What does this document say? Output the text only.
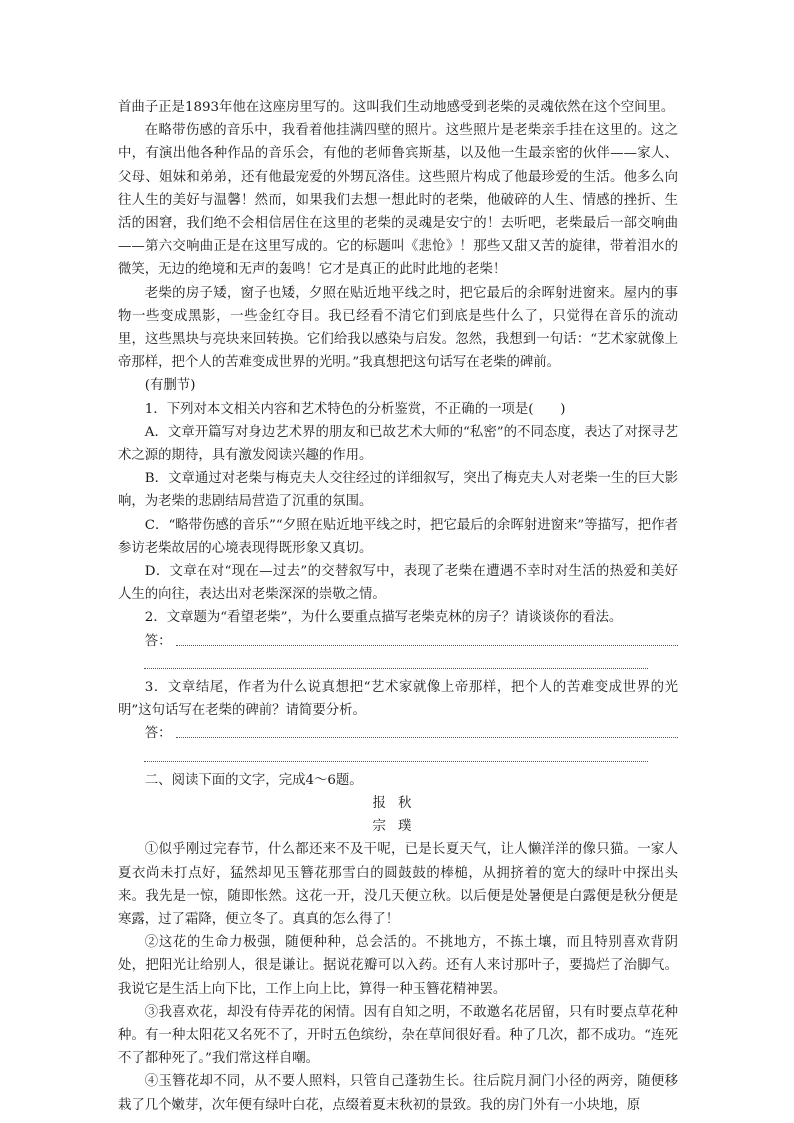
首曲子正是1893年他在这座房里写的。这叫我们生动地感受到老柴的灵魂依然在这个空间里。

在略带伤感的音乐中，我看着他挂满四壁的照片。这些照片是老柴亲手挂在这里的。这之中，有演出他各种作品的音乐会，有他的老师鲁宾斯基，以及他一生最亲密的伙伴——家人、父母、姐妹和弟弟，还有他最宠爱的外甥瓦洛佳。这些照片构成了他最珍爱的生活。他多么向往人生的美好与温馨！然而，如果我们去想一想此时的老柴，他破碎的人生、情感的挫折、生活的困窘，我们绝不会相信居住在这里的老柴的灵魂是安宁的！去听吧，老柴最后一部交响曲——第六交响曲正是在这里写成的。它的标题叫《悲怆》！那些又甜又苦的旋律，带着泪水的微笑，无边的绝境和无声的轰鸣！它才是真正的此时此地的老柴！

老柴的房子矮，窗子也矮，夕照在贴近地平线之时，把它最后的余晖射进窗来。屋内的事物一些变成黑影，一些金红夺目。我已经看不清它们到底是些什么了，只觉得在音乐的流动里，这些黑块与亮块来回转换。它们给我以感染与启发。忽然，我想到一句话：“艺术家就像上帝那样，把个人的苦难变成世界的光明。”我真想把这句话写在老柴的碑前。

(有删节)

1．下列对本文相关内容和艺术特色的分析鉴赏，不正确的一项是(　　)

A．文章开篇写对身边艺术界的朋友和已故艺术大师的“私密”的不同态度，表达了对探寻艺术之源的期待，具有激发阅读兴趣的作用。

B．文章通过对老柴与梅克夫人交往经过的详细叙写，突出了梅克夫人对老柴一生的巨大影响，为老柴的悲剧结局营造了沉重的氛围。

C．“略带伤感的音乐”“夕照在贴近地平线之时，把它最后的余晖射进窗来”等描写，把作者参访老柴故居的心境表现得既形象又真切。

D．文章在对“现在—过去”的交替叙写中，表现了老柴在遭遇不幸时对生活的热爱和美好人生的向往，表达出对老柴深深的崇敬之情。

2．文章题为“看望老柴”，为什么要重点描写老柴克林的房子？请谈谈你的看法。

答：

3．文章结尾，作者为什么说真想把“艺术家就像上帝那样，把个人的苦难变成世界的光明”这句话写在老柴的碑前？请简要分析。

答：

二、阅读下面的文字，完成4～6题。

报秋

宗璞

①似乎刚过完春节，什么都还来不及干呢，已是长夏天气，让人懒洋洋的像只猫。一家人夏衣尚未打点好，猛然却见玉簪花那雪白的圆鼓鼓的棒槌，从拥挤着的宽大的绿叶中探出头来。我先是一惊，随即怅然。这花一开，没几天便立秋。以后便是处暑便是白露便是秋分便是寒露，过了霜降，便立冬了。真真的怎么得了！

②这花的生命力极强，随便种种，总会活的。不挑地方，不拣土壤，而且特别喜欢背阴处，把阳光让给别人，很是谦让。据说花瓣可以入药。还有人来讨那叶子，要捣烂了治脚气。我说它是生活上向下比，工作上向上比，算得一种玉簪花精神罢。

③我喜欢花，却没有侍弄花的闲情。因有自知之明，不敢邀名花居留，只有时要点草花种种。有一种太阳花又名死不了，开时五色缤纷，杂在草间很好看。种了几次，都不成功。“连死不了都种死了。”我们常这样自嘲。

④玉簪花却不同，从不要人照料，只管自己蓬勃生长。往后院月洞门小径的两旁，随便移栽了几个嫩芽，次年便有绿叶白花，点缀着夏末秋初的景致。我的房门外有一小块地，原
